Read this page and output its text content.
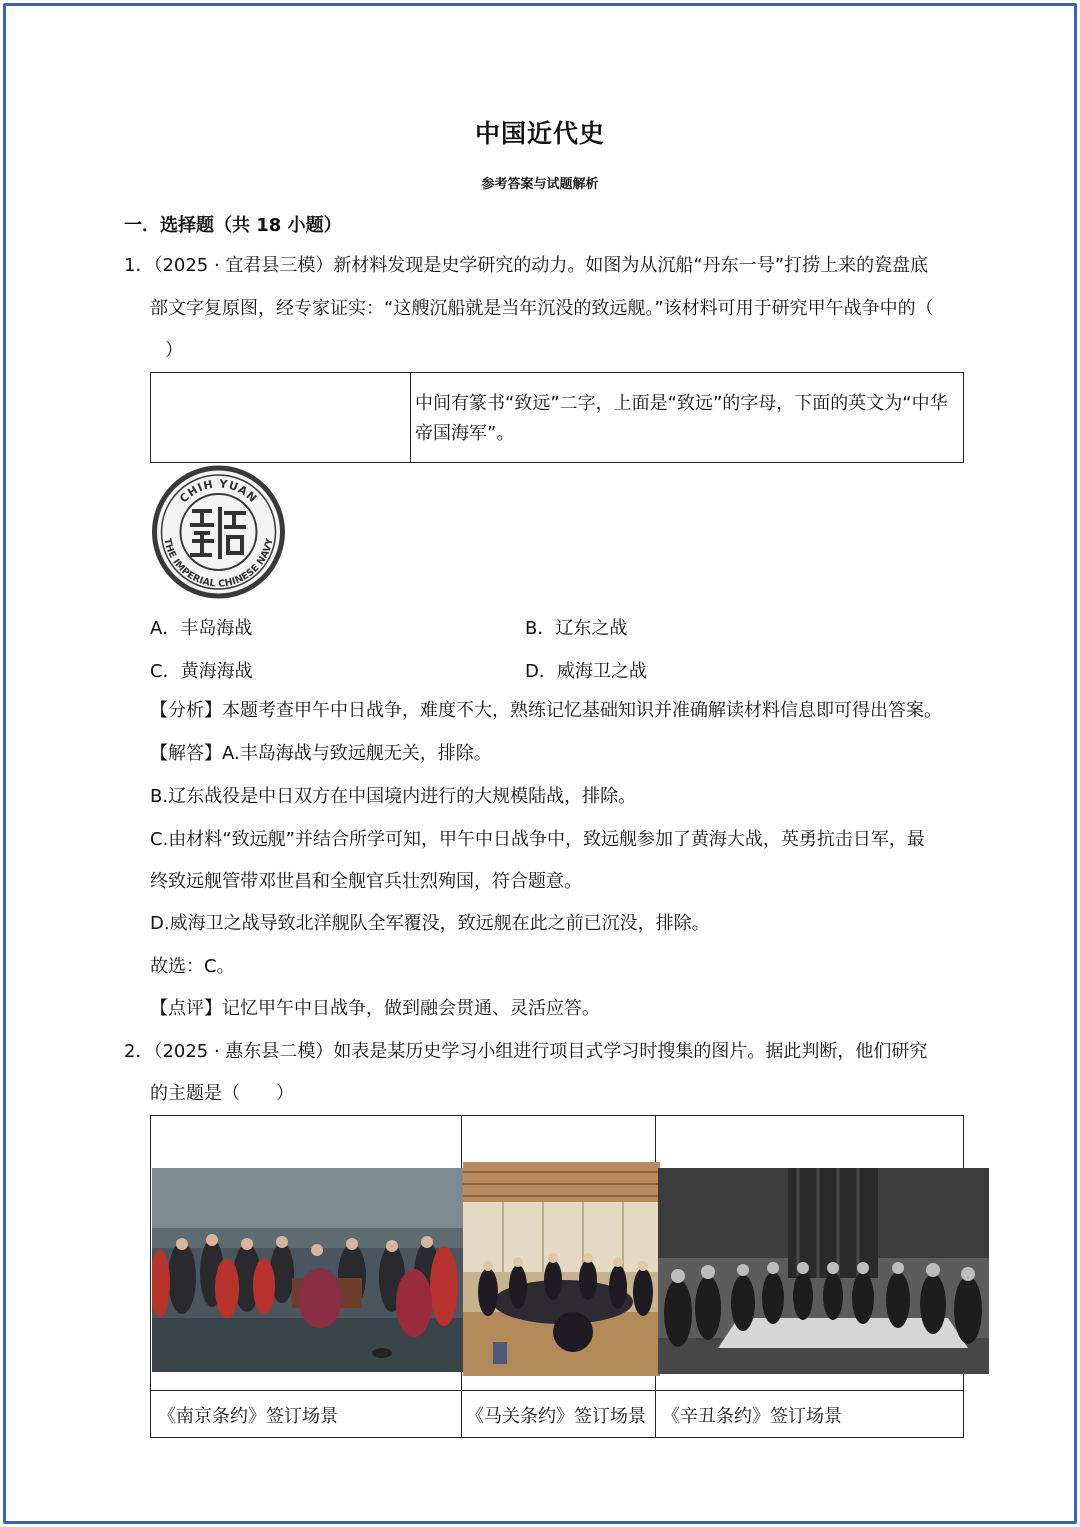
中国近代史
参考答案与试题解析
一．选择题（共 18 小题）
1．（2025 · 宜君县三模）新材料发现是史学研究的动力。如图为从沉船“丹东一号”打捞上来的瓷盘底
部文字复原图，经专家证实：“这艘沉船就是当年沉没的致远舰。”该材料可用于研究甲午战争中的（
）

中间有篆书“致远”二字，上面是“致远”的字母，下面的英文为“中华
帝国海军”。
CHIH YUAN
THE IMPERIAL CHINESE NAVY
A．丰岛海战	B．辽东之战
C．黄海海战	D．威海卫之战
【分析】本题考查甲午中日战争，难度不大，熟练记忆基础知识并准确解读材料信息即可得出答案。
【解答】A.丰岛海战与致远舰无关，排除。
B.辽东战役是中日双方在中国境内进行的大规模陆战，排除。
C.由材料“致远舰”并结合所学可知，甲午中日战争中，致远舰参加了黄海大战，英勇抗击日军，最
终致远舰管带邓世昌和全舰官兵壮烈殉国，符合题意。
D.威海卫之战导致北洋舰队全军覆没，致远舰在此之前已沉没，排除。
故选：C。
【点评】记忆甲午中日战争，做到融会贯通、灵活应答。
2．（2025 · 惠东县二模）如表是某历史学习小组进行项目式学习时搜集的图片。据此判断，他们研究
的主题是（　　）

《南京条约》签订场景	《马关条约》签订场景 《辛丑条约》签订场景
